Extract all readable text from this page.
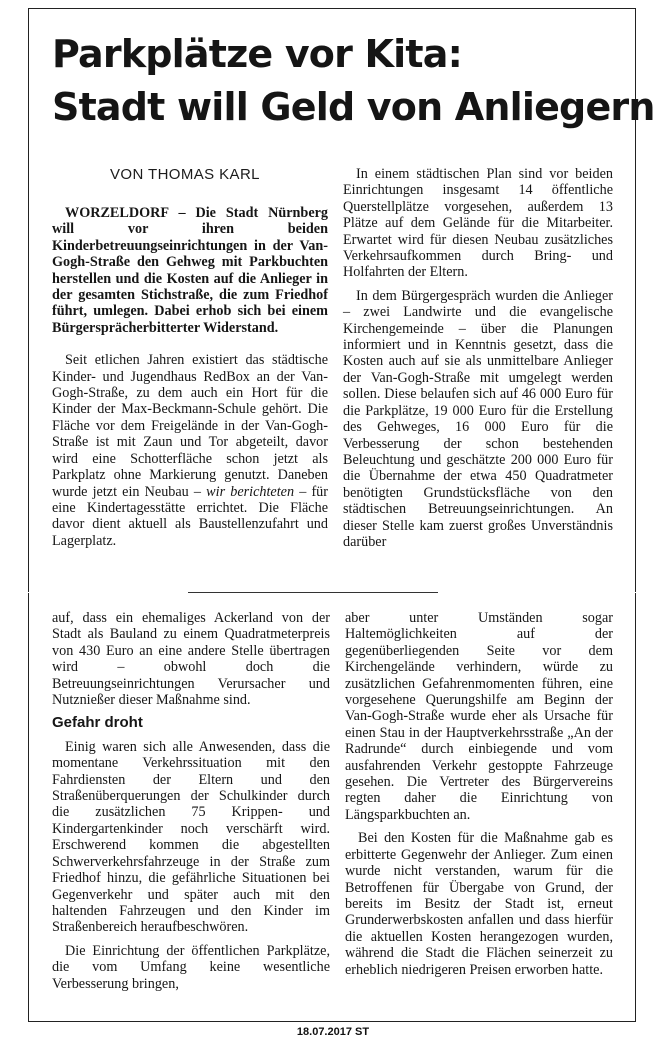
Parkplätze vor Kita:
Stadt will Geld von Anliegern
VON THOMAS KARL

WORZELDORF – Die Stadt Nürnberg will vor ihren beiden Kinderbetreuungseinrichtungen in der Van-Gogh-Straße den Gehweg mit Parkbuchten herstellen und die Kosten auf die Anlieger in der gesamten Stichstraße, die zum Friedhof führt, umlegen. Dabei erhob sich bei einem Bürgersprächerbitterter Widerstand.

Seit etlichen Jahren existiert das städtische Kinder- und Jugendhaus RedBox an der Van-Gogh-Straße, zu dem auch ein Hort für die Kinder der Max-Beckmann-Schule gehört. Die Fläche vor dem Freigelände in der Van-Gogh-Straße ist mit Zaun und Tor abgeteilt, davor wird eine Schotterfläche schon jetzt als Parkplatz ohne Markierung genutzt. Daneben wurde jetzt ein Neubau – wir berichteten – für eine Kindertagesstätte errichtet. Die Fläche davor dient aktuell als Baustellenzufahrt und Lagerplatz.

In einem städtischen Plan sind vor beiden Einrichtungen insgesamt 14 öffentliche Querstellplätze vorgesehen, außerdem 13 Plätze auf dem Gelände für die Mitarbeiter. Erwartet wird für diesen Neubau zusätzliches Verkehrsaufkommen durch Bring- und Holfahrten der Eltern.

In dem Bürgergespräch wurden die Anlieger – zwei Landwirte und die evangelische Kirchengemeinde – über die Planungen informiert und in Kenntnis gesetzt, dass die Kosten auch auf sie als unmittelbare Anlieger der Van-Gogh-Straße mit umgelegt werden sollen. Diese belaufen sich auf 46 000 Euro für die Parkplätze, 19 000 Euro für die Erstellung des Gehweges, 16 000 Euro für die Verbesserung der schon bestehenden Beleuchtung und geschätzte 200 000 Euro für die Übernahme der etwa 450 Quadratmeter benötigten Grundstücksfläche von den städtischen Betreuungseinrichtungen. An dieser Stelle kam zuerst großes Unverständnis darüber

auf, dass ein ehemaliges Ackerland von der Stadt als Bauland zu einem Quadratmeterpreis von 430 Euro an eine andere Stelle übertragen wird – obwohl doch die Betreuungseinrichtungen Verursacher und Nutznießer dieser Maßnahme sind.

Gefahr droht

Einig waren sich alle Anwesenden, dass die momentane Verkehrssituation mit den Fahrdiensten der Eltern und den Straßenüberquerungen der Schulkinder durch die zusätzlichen 75 Krippen- und Kindergartenkinder noch verschärft wird. Erschwerend kommen die abgestellten Schwerverkehrsfahrzeuge in der Straße zum Friedhof hinzu, die gefährliche Situationen bei Gegenverkehr und später auch mit den haltenden Fahrzeugen und den Kinder im Straßenbereich heraufbeschwören.

Die Einrichtung der öffentlichen Parkplätze, die vom Umfang keine wesentliche Verbesserung bringen,

aber unter Umständen sogar Haltemöglichkeiten auf der gegenüberliegenden Seite vor dem Kirchengelände verhindern, würde zu zusätzlichen Gefahrenmomenten führen, eine vorgesehene Querungshilfe am Beginn der Van-Gogh-Straße wurde eher als Ursache für einen Stau in der Hauptverkehrsstraße „An der Radrunde“ durch einbiegende und vom ausfahrenden Verkehr gestoppte Fahrzeuge gesehen. Die Vertreter des Bürgervereins regten daher die Einrichtung von Längsparkbuchten an.

Bei den Kosten für die Maßnahme gab es erbitterte Gegenwehr der Anlieger. Zum einen wurde nicht verstanden, warum für die Betroffenen für Übergabe von Grund, der bereits im Besitz der Stadt ist, erneut Grunderwerbskosten anfallen und dass hierfür die aktuellen Kosten herangezogen wurden, während die Stadt die Flächen seinerzeit zu erheblich niedrigeren Preisen erworben hatte.

18.07.2017 ST
